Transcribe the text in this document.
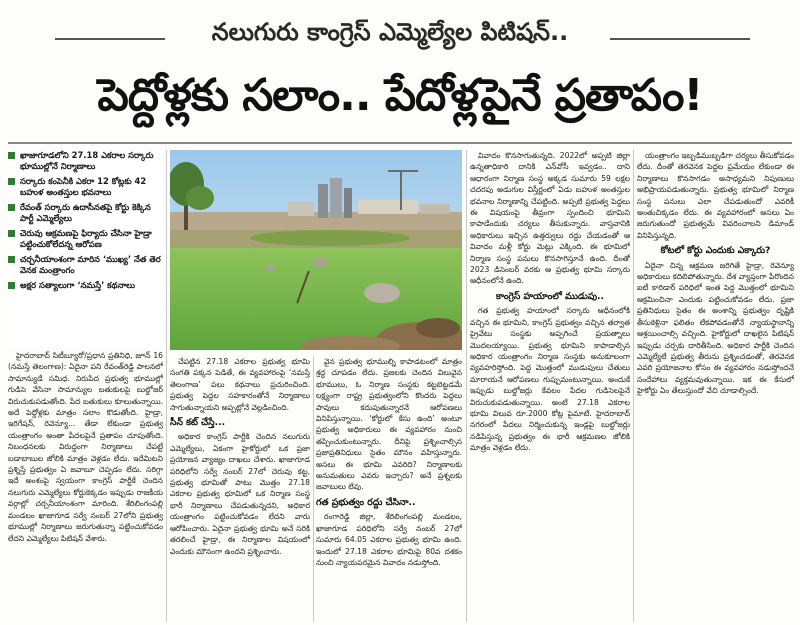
నలుగురు కాంగ్రెస్‌ ఎమ్మెల్యేల పిటిషన్‌..
పెద్దోళ్లకు సలాం.. పేదోళ్లపైనే ప్రతాపం!
ఖాజాగూడలోని 27.18 ఎకరాల సర్కారు భూముల్లోనే నిర్మాణాలు
సర్కారు కంపెనీకి ఎకరా 12 కోట్లకు 42 బహుళ అంతస్తుల భవనాలు
రేవంత్‌ సర్కారు ఉదాసీనతపై కోర్టు కెక్కిన పార్టీ ఎమ్మెల్యేలు
చెరువు ఆక్రమణపై ఫిర్యాదు చేసినా హైడ్రా పట్టించుకోలేదన్న ఆరోపణ
చర్చనీయాంశంగా మారిన ‘ముఖ్య’ నేత తెర వెనక మంత్రాంగం
అక్షర సత్యాలుగా ‘నమస్తే’ కథనాలు

హైదరాబాద్‌ సిటీబ్యూరో/ప్రధాన ప్రతినిధి, జూన్‌ 16 (నమస్తే తెలంగాణ): ఏదైనా పని రేవంత్‌రెడ్డి పాలనలో సామాన్యుడే సమిధ. నిరుపేద ప్రభుత్వ భూముల్లో గుడిసె వేసినా సామాన్యుల బతుకులపై బుల్డోజర్‌ విరుచుకుపడుతోంది. పేద బతుకులు కూలుతున్నాయి. అదే పెద్దోళ్లకు మాత్రం సలాం కొడుతోంది. హైడ్రా, ఇరిగేషన్‌, రెవెన్యూ... తేడా లేకుండా ప్రభుత్వ యంత్రాంగం అంతా పేదలపైనే ప్రతాపం చూపుతోంది. నిబంధనలకు విరుద్ధంగా నిర్మాణాలు చేపట్టే బడాబాబుల జోలికి మాత్రం వెళ్లడం లేదు. ఇదేమిటని ప్రశ్నిస్తే ప్రభుత్వం ఏ జవాబూ చెప్పడం లేదు. సరిగ్గా ఇదే అంశంపై స్వయంగా కాంగ్రెస్‌ పార్టీకే చెందిన నలుగురు ఎమ్మెల్యేలు కోర్టుకెక్కడం ఇప్పుడు రాజకీయ వర్గాల్లో చర్చనీయాంశంగా మారింది. శేరిలింగంపల్లి మండలం ఖాజాగూడ సర్వే నంబర్‌ 27లోని ప్రభుత్వ భూముల్లో నిర్మాణాలు జరుగుతున్నా పట్టించుకోవడం లేదని ఎమ్మెల్యేలు పిటిషన్‌ వేశారు.

చేపట్టిన 27.18 ఎకరాల ప్రభుత్వ భూమి సంగతి పక్కన పెడితే, ఈ వ్యవహారంపై ‘నమస్తే తెలంగాణ’ పలు కథనాలు ప్రచురించింది. ప్రభుత్వ పెద్దల సహకారంతోనే నిర్మాణాలు సాగుతున్నాయని అప్పట్లోనే వెల్లడించింది.

సీన్‌ కట్‌ చేస్తే...

అధికార కాంగ్రెస్‌ పార్టీకి చెందిన నలుగురు ఎమ్మెల్యేలు, ఏకంగా హైకోర్టులో ఒక ప్రజా ప్రయోజన వ్యాజ్యం దాఖలు చేశారు. ఖాజాగూడ పరిధిలోని సర్వే నంబర్‌ 27లో చెరువు కట్ట, ప్రభుత్వ భూమితో పాటు మొత్తం 27.18 ఎకరాల ప్రభుత్వ భూమిలో ఒక నిర్మాణ సంస్థ భారీ నిర్మాణాలు చేపడుతున్నదని, అధికార యంత్రాంగం పట్టించుకోవడం లేదని వారు ఆరోపించారు. ఏదైనా ప్రభుత్వ భూమి అనే సరికి తరలించే హైడ్రా, ఈ నిర్మాణాల విషయంలో ఎందుకు మౌనంగా ఉందని ప్రశ్నించారు.

వైన ప్రభుత్వ భూముల్ని కాపాడటంలో మాత్రం శ్రద్ధ చూపడం లేదు. ప్రజలకు చెందిన విలువైన భూములు, ఓ నిర్మాణ సంస్థకు కట్టబెట్టడమే లక్ష్యంగా రాష్ట్ర ప్రభుత్వంలోని కొందరు పెద్దలు పావులు కదుపుతున్నారనే ఆరోపణలు వినిపిస్తున్నాయి. ‘కోర్టులో కేసు ఉంది’ అంటూ ప్రభుత్వ అధికారులు ఈ వ్యవహారం నుంచి తప్పించుకుంటున్నారు. దీనిపై ప్రశ్నించాల్సిన ప్రజాప్రతినిధులు సైతం మౌనం వహిస్తున్నారు. అసలు ఈ భూమి ఎవరిది? నిర్మాణాలకు అనుమతులు ఎవరు ఇచ్చారు? అనే ప్రశ్నలకు జవాబులు లేవు.

గత ప్రభుత్వం రద్దు చేసినా..

రంగారెడ్డి జిల్లా, శేరిలింగంపల్లి మండలం, ఖాజాగూడ పరిధిలోని సర్వే నంబర్‌ 27లో సుమారు 64.05 ఎకరాల ప్రభుత్వ భూమి ఉంది. ఇందులో 27.18 ఎకరాల భూమిపై 80వ దశకం నుంచి న్యాయపరమైన వివాదం నడుస్తోంది.

వివాదం కొనసాగుతున్నది. 2022లో అప్పటి జిల్లా ఉన్నతాధికారి దానికి ఎన్‌వోసీ ఇవ్వడం.. దాని ఆధారంగా నిర్మాణ సంస్థ అక్కడ సుమారు 59 లక్షల చదరపు అడుగుల విస్తీర్ణంలో ఏడు బహుళ అంతస్తుల భవనాల నిర్మాణాన్ని చేపట్టింది. అప్పటి ప్రభుత్వ పెద్దలు ఈ విషయంపై తీవ్రంగా స్పందించి భూమిని కాపాడేందుకు చర్యలు తీసుకున్నారు. వాస్తవానికి అధికారులు ఇచ్చిన ఉత్తర్వులు రద్దు చేయడంతో ఆ వివాదం మళ్లీ కోర్టు మెట్లు ఎక్కింది. ఈ భూమిలో నిర్మాణ సంస్థ పనులు కొనసాగిస్తూనే ఉంది. దీంతో 2023 డిసెంబర్‌ వరకు ఆ ప్రభుత్వ భూమి సర్కారు ఆధీనంలోనే ఉంది.

కాంగ్రెస్‌ హయాంలో ముడుపు..

గత ప్రభుత్వ హయాంలో సర్కారు ఆధీనంలోకి వచ్చిన ఈ భూమిని, కాంగ్రెస్‌ ప్రభుత్వం వచ్చిన తర్వాత ప్రైవేటు సంస్థకు అప్పగించే ప్రయత్నాలు మొదలయ్యాయి. ప్రభుత్వ భూమిని కాపాడాల్సిన అధికార యంత్రాంగం నిర్మాణ సంస్థకు అనుకూలంగా వ్యవహరిస్తోంది. పెద్ద మొత్తంలో ముడుపులు చేతులు మారాయనే ఆరోపణలు గుప్పుమంటున్నాయి. అందుకే ఇప్పుడు బుల్డోజర్లు కేవలం పేదల గుడిసెలపైనే విరుచుకుపడుతున్నాయి. అంటే 27.18 ఎకరాల భూమి విలువ రూ.2000 కోట్ల పైమాటే. హైదరాబాద్‌ నగరంలో పేదలు నిర్మించుకున్న ఇండ్లపై బుల్డోజర్లు నడిపిస్తున్న ప్రభుత్వం ఈ భారీ ఆక్రమణల జోలికి మాత్రం వెళ్లడం లేదు.

యంత్రాంగం ఇబ్బడిముబ్బడిగా చర్యలు తీసుకోవడం లేదు. దీంతో తెరవెనక పెద్దల ప్రమేయం లేకుండా ఈ నిర్మాణాలు కొనసాగడం అసాధ్యమని నిపుణులు అభిప్రాయపడుతున్నారు. ప్రభుత్వ భూమిలో నిర్మాణ సంస్థ పనులు ఎలా చేపడుతుందో ఎవరికీ అంతుచిక్కడం లేదు. ఈ వ్యవహారంలో అసలు ఏం జరుగుతుందో ప్రభుత్వమే వివరించాలని డిమాండ్‌ వినిపిస్తున్నది.

కోటలో కోర్టు ఎందుకు ఎక్కారు?

ఏదైనా చిన్న ఆక్రమణ జరిగితే హైడ్రా, రెవెన్యూ అధికారులు కదిలిపోతున్నారు. దేశ వ్యాప్తంగా పేరొందిన ఐటీ కారిడార్‌ పరిధిలో ఇంత పెద్ద మొత్తంలో భూమిని ఆక్రమించినా ఎందుకు పట్టించుకోవడం లేదు. ప్రజా ప్రతినిధులు సైతం ఈ అంశాన్ని ప్రభుత్వం దృష్టికి తీసుకెళ్లినా ఫలితం లేకపోవడంతోనే న్యాయస్థానాన్ని ఆశ్రయించాల్సి వచ్చింది. హైకోర్టులో దాఖలైన పిటిషన్‌ ఇప్పుడు చర్చకు దారితీసింది. అధికార పార్టీకి చెందిన ఎమ్మెల్యేలే ప్రభుత్వ తీరును ప్రశ్నించడంతో, తెరవెనక ఎవరి ప్రయోజనాల కోసం ఈ వ్యవహారం నడుస్తోందనే సందేహాలు వ్యక్తమవుతున్నాయి. ఇక ఈ కేసులో హైకోర్టు ఏం తేలుస్తుందో వేచి చూడాల్సిందే.
